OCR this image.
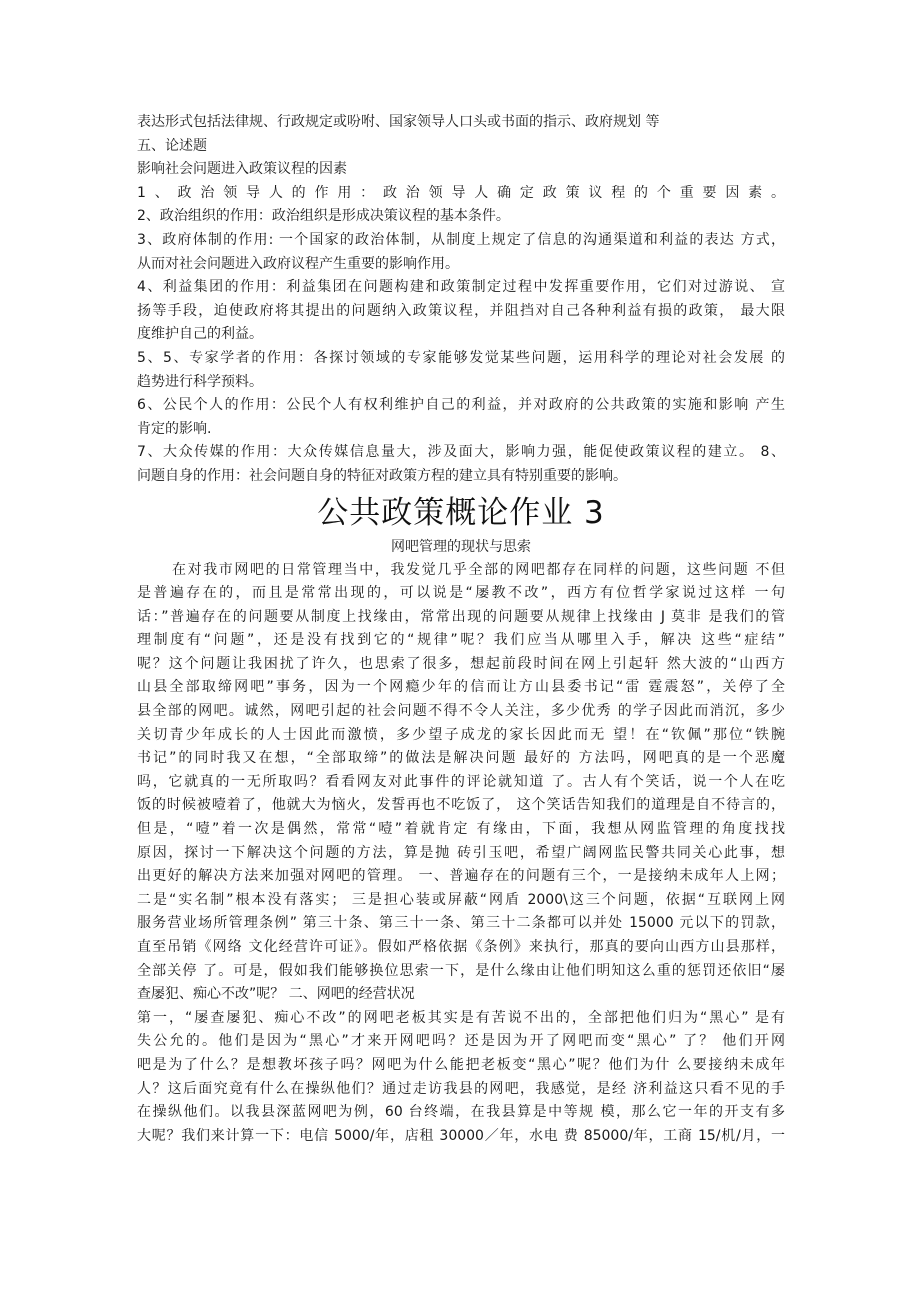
表达形式包括法律规、行政规定或吩咐、国家领导人口头或书面的指示、政府规划 等
五、论述题
影响社会问题进入政策议程的因素
1、政治领导人的作用：政治领导人确定政策议程的个重要因素。
2、政治组织的作用：政治组织是形成决策议程的基本条件。
3、政府体制的作用: 一个国家的政治体制，从制度上规定了信息的沟通渠道和利益的表达 方式，
从而对社会问题进入政府议程产生重要的影响作用。
4、利益集团的作用：利益集团在问题构建和政策制定过程中发挥重要作用，它们对过游说、 宣
扬等手段，迫使政府将其提出的问题纳入政策议程，并阻挡对自己各种利益有损的政策， 最大限
度维护自己的利益。
5、5、专家学者的作用：各探讨领域的专家能够发觉某些问题，运用科学的理论对社会发展 的
趋势进行科学预料。
6、公民个人的作用：公民个人有权利维护自己的利益，并对政府的公共政策的实施和影响 产生
肯定的影响.
7、大众传媒的作用：大众传媒信息量大，涉及面大，影响力强，能促使政策议程的建立。 8、
问题自身的作用：社会问题自身的特征对政策方程的建立具有特别重要的影响。
公共政策概论作业 3
网吧管理的现状与思索
在对我市网吧的日常管理当中，我发觉几乎全部的网吧都存在同样的问题，这些问题 不但
是普遍存在的，而且是常常出现的，可以说是“屡教不改”，西方有位哲学家说过这样 一句
话：”普遍存在的问题要从制度上找缘由，常常出现的问题要从规律上找缘由 J 莫非 是我们的管
理制度有“问题”，还是没有找到它的“规律”呢？我们应当从哪里入手，解决 这些“症结”
呢？这个问题让我困扰了许久，也思索了很多，想起前段时间在网上引起轩 然大波的“山西方
山县全部取缔网吧”事务，因为一个网瘾少年的信而让方山县委书记“雷 霆震怒”，关停了全
县全部的网吧。诚然，网吧引起的社会问题不得不令人关注，多少优秀 的学子因此而消沉，多少
关切青少年成长的人士因此而激愤，多少望子成龙的家长因此而无 望！在“钦佩”那位“铁腕
书记”的同时我又在想，“全部取缔”的做法是解决问题 最好的 方法吗，网吧真的是一个恶魔
吗，它就真的一无所取吗？看看网友对此事件的评论就知道 了。古人有个笑话，说一个人在吃
饭的时候被噎着了，他就大为恼火，发誓再也不吃饭了， 这个笑话告知我们的道理是自不待言的，
但是，“噎”着一次是偶然，常常“噎”着就肯定 有缘由，下面，我想从网监管理的角度找找
原因，探讨一下解决这个问题的方法，算是抛 砖引玉吧，希望广阔网监民警共同关心此事，想
出更好的解决方法来加强对网吧的管理。 一、普遍存在的问题有三个，一是接纳未成年人上网；
二是“实名制”根本没有落实； 三是担心装或屏蔽“网盾 2000\这三个问题，依据“互联网上网
服务营业场所管理条例” 第三十条、第三十一条、第三十二条都可以并处 15000 元以下的罚款，
直至吊销《网络 文化经营许可证》。假如严格依据《条例》来执行，那真的要向山西方山县那样，
全部关停 了。可是，假如我们能够换位思索一下，是什么缘由让他们明知这么重的惩罚还依旧“屡
查屡犯、痴心不改”呢？ 二、网吧的经营状况
第一，“屡查屡犯、痴心不改”的网吧老板其实是有苦说不出的，全部把他们归为“黑心” 是有
失公允的。他们是因为“黑心”才来开网吧吗？还是因为开了网吧而变“黑心” 了？ 他们开网
吧是为了什么？是想教坏孩子吗？网吧为什么能把老板变“黑心”呢？他们为什 么要接纳未成年
人？这后面究竟有什么在操纵他们？通过走访我县的网吧，我感觉，是经 济利益这只看不见的手
在操纵他们。以我县深蓝网吧为例，60 台终端，在我县算是中等规 模，那么它一年的开支有多
大呢？我们来计算一下：电信 5000/年，店租 30000／年，水电 费 85000/年，工商 15/机/月，一
